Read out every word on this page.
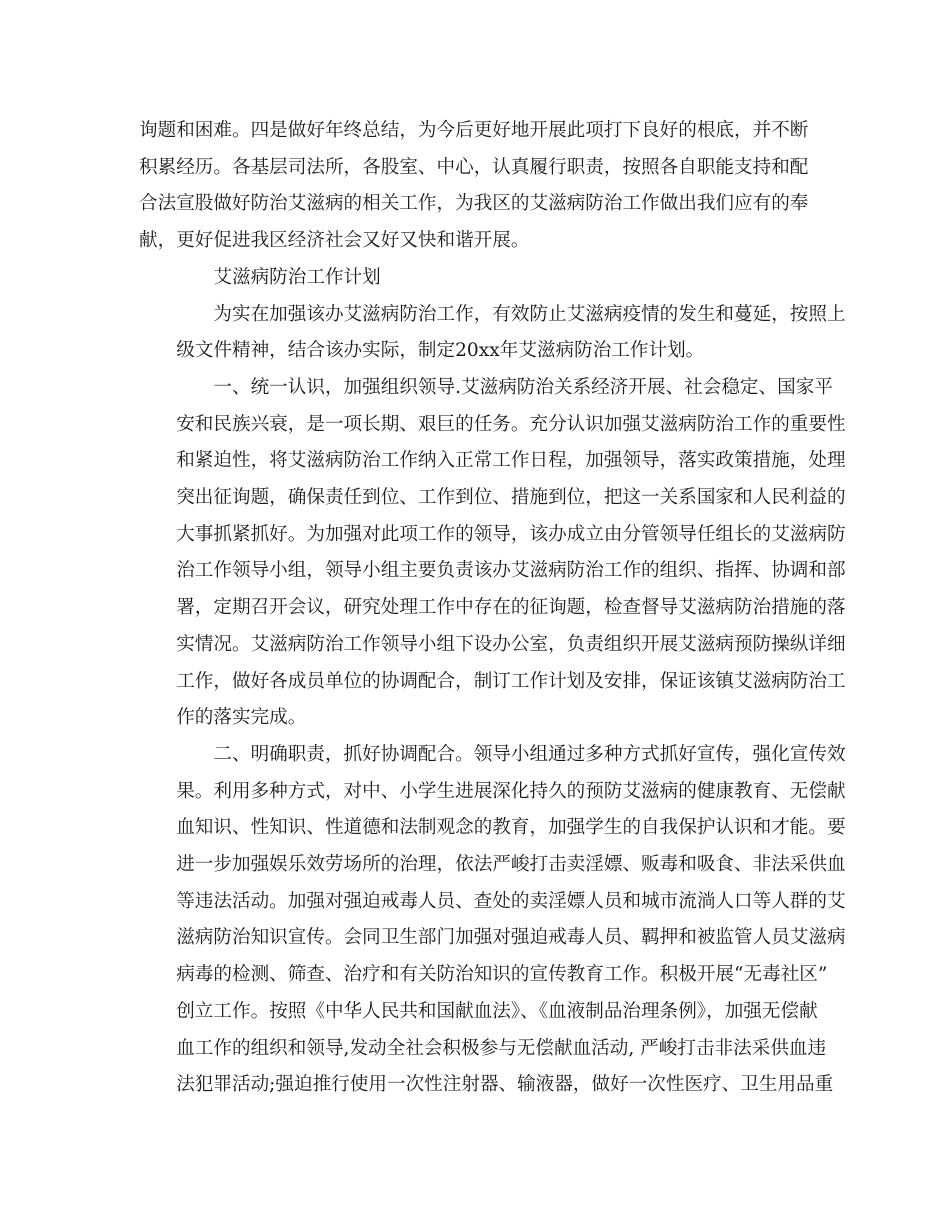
询题和困难。四是做好年终总结，为今后更好地开展此项打下良好的根底，并不断
积累经历。各基层司法所，各股室、中心，认真履行职责，按照各自职能支持和配
合法宣股做好防治艾滋病的相关工作，为我区的艾滋病防治工作做出我们应有的奉
献，更好促进我区经济社会又好又快和谐开展。
艾滋病防治工作计划
为实在加强该办艾滋病防治工作，有效防止艾滋病疫情的发生和蔓延，按照上
级文件精神，结合该办实际，制定20xx年艾滋病防治工作计划。
一、统一认识，加强组织领导.艾滋病防治关系经济开展、社会稳定、国家平
安和民族兴衰，是一项长期、艰巨的任务。充分认识加强艾滋病防治工作的重要性
和紧迫性，将艾滋病防治工作纳入正常工作日程，加强领导，落实政策措施，处理
突出征询题，确保责任到位、工作到位、措施到位，把这一关系国家和人民利益的
大事抓紧抓好。为加强对此项工作的领导，该办成立由分管领导任组长的艾滋病防
治工作领导小组，领导小组主要负责该办艾滋病防治工作的组织、指挥、协调和部
署，定期召开会议，研究处理工作中存在的征询题，检查督导艾滋病防治措施的落
实情况。艾滋病防治工作领导小组下设办公室，负责组织开展艾滋病预防操纵详细
工作，做好各成员单位的协调配合，制订工作计划及安排，保证该镇艾滋病防治工
作的落实完成。
二、明确职责，抓好协调配合。领导小组通过多种方式抓好宣传，强化宣传效
果。利用多种方式，对中、小学生进展深化持久的预防艾滋病的健康教育、无偿献
血知识、性知识、性道德和法制观念的教育，加强学生的自我保护认识和才能。要
进一步加强娱乐效劳场所的治理，依法严峻打击卖淫嫖、贩毒和吸食、非法采供血
等违法活动。加强对强迫戒毒人员、查处的卖淫嫖人员和城市流淌人口等人群的艾
滋病防治知识宣传。会同卫生部门加强对强迫戒毒人员、羁押和被监管人员艾滋病
病毒的检测、筛查、治疗和有关防治知识的宣传教育工作。积极开展“无毒社区”
创立工作。按照《中华人民共和国献血法》、《血液制品治理条例》，加强无偿献
血工作的组织和领导,发动全社会积极参与无偿献血活动, 严峻打击非法采供血违
法犯罪活动;强迫推行使用一次性注射器、输液器，做好一次性医疗、卫生用品重
